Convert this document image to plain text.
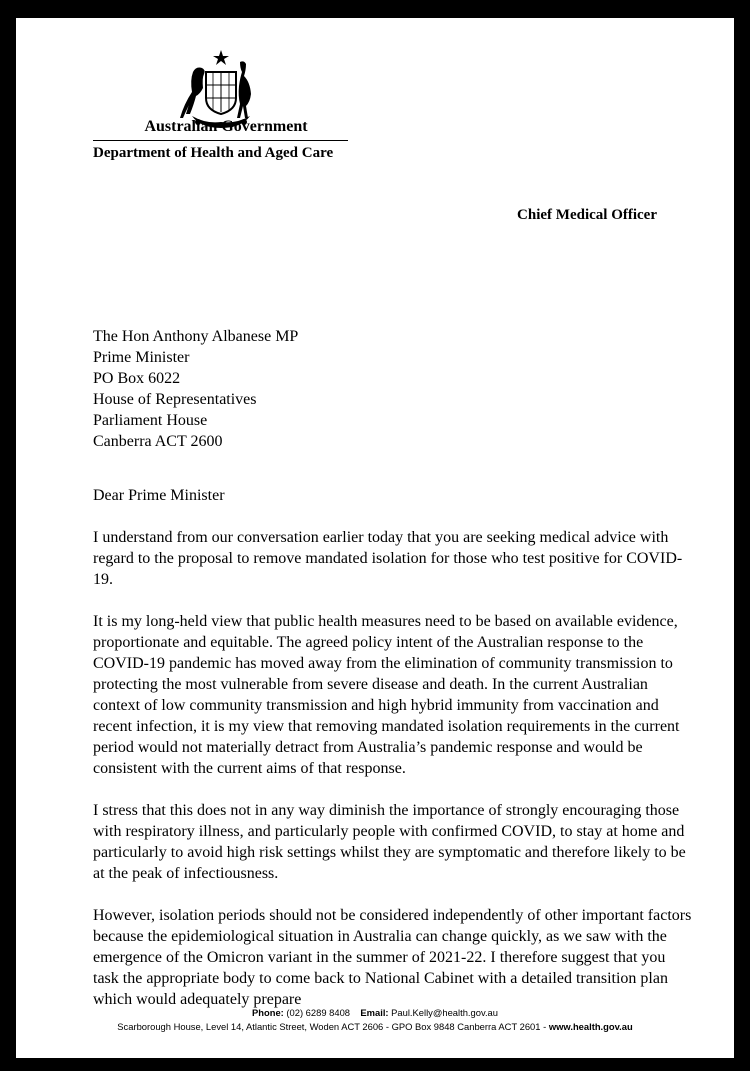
Australian Government
Department of Health and Aged Care
Chief Medical Officer
The Hon Anthony Albanese MP
Prime Minister
PO Box 6022
House of Representatives
Parliament House
Canberra ACT 2600

Dear Prime Minister

I understand from our conversation earlier today that you are seeking medical advice with regard to the proposal to remove mandated isolation for those who test positive for COVID-19.

It is my long-held view that public health measures need to be based on available evidence, proportionate and equitable. The agreed policy intent of the Australian response to the COVID-19 pandemic has moved away from the elimination of community transmission to protecting the most vulnerable from severe disease and death. In the current Australian context of low community transmission and high hybrid immunity from vaccination and recent infection, it is my view that removing mandated isolation requirements in the current period would not materially detract from Australia’s pandemic response and would be consistent with the current aims of that response.

I stress that this does not in any way diminish the importance of strongly encouraging those with respiratory illness, and particularly people with confirmed COVID, to stay at home and particularly to avoid high risk settings whilst they are symptomatic and therefore likely to be at the peak of infectiousness.

However, isolation periods should not be considered independently of other important factors because the epidemiological situation in Australia can change quickly, as we saw with the emergence of the Omicron variant in the summer of 2021-22. I therefore suggest that you task the appropriate body to come back to National Cabinet with a detailed transition plan which would adequately prepare

Phone: (02) 6289 8408 Email: Paul.Kelly@health.gov.au
Scarborough House, Level 14, Atlantic Street, Woden ACT 2606 - GPO Box 9848 Canberra ACT 2601 - www.health.gov.au
